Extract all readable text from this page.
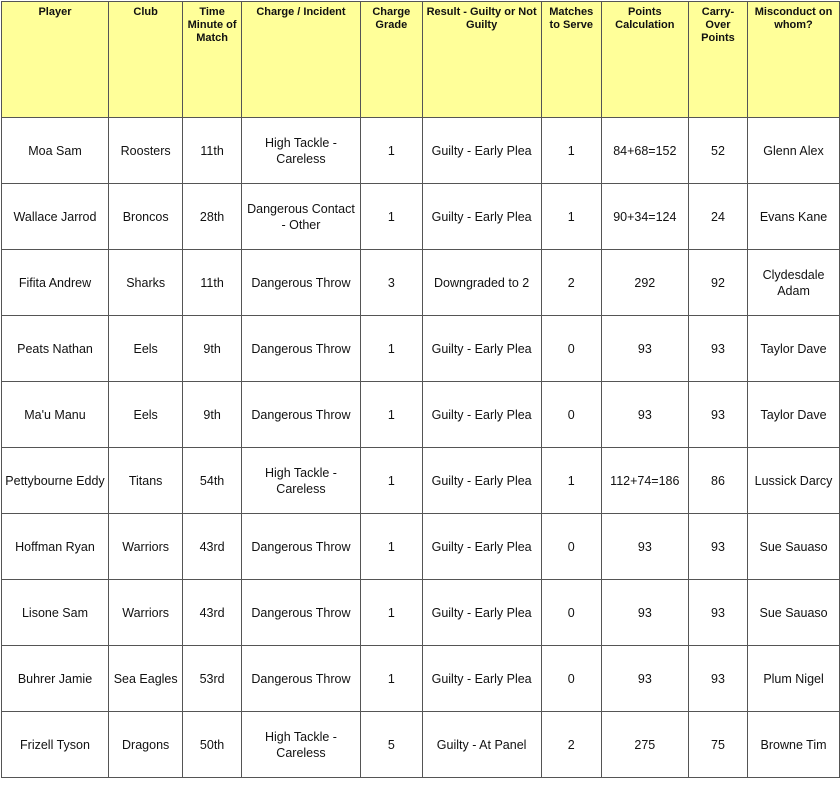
Player	Club	Time Minute of Match	Charge / Incident	Charge Grade	Result - Guilty or Not Guilty	Matches to Serve	Points Calculation	Carry-Over Points	Misconduct on whom?
Moa Sam	Roosters	11th	High Tackle - Careless	1	Guilty - Early Plea	1	84+68=152	52	Glenn Alex
Wallace Jarrod	Broncos	28th	Dangerous Contact - Other	1	Guilty - Early Plea	1	90+34=124	24	Evans Kane
Fifita Andrew	Sharks	11th	Dangerous Throw	3	Downgraded to 2	2	292	92	Clydesdale Adam
Peats Nathan	Eels	9th	Dangerous Throw	1	Guilty - Early Plea	0	93	93	Taylor Dave
Ma'u Manu	Eels	9th	Dangerous Throw	1	Guilty - Early Plea	0	93	93	Taylor Dave
Pettybourne Eddy	Titans	54th	High Tackle - Careless	1	Guilty - Early Plea	1	112+74=186	86	Lussick Darcy
Hoffman Ryan	Warriors	43rd	Dangerous Throw	1	Guilty - Early Plea	0	93	93	Sue Sauaso
Lisone Sam	Warriors	43rd	Dangerous Throw	1	Guilty - Early Plea	0	93	93	Sue Sauaso
Buhrer Jamie	Sea Eagles	53rd	Dangerous Throw	1	Guilty - Early Plea	0	93	93	Plum Nigel
Frizell Tyson	Dragons	50th	High Tackle - Careless	5	Guilty - At Panel	2	275	75	Browne Tim
